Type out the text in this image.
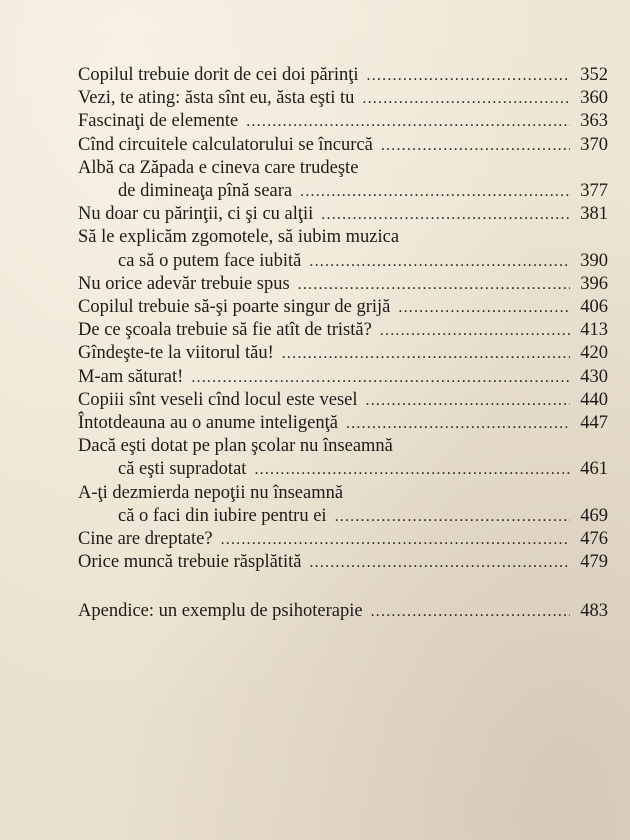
Copilul trebuie dorit de cei doi părinţi .....	352
Vezi, te ating: ăsta sînt eu, ăsta eşti tu .....	360
Fascinaţi de elemente .....	363
Cînd circuitele calculatorului se încurcă .....	370
Albă ca Zăpada e cineva care trudeşte
de dimineaţa pînă seara .....	377
Nu doar cu părinţii, ci şi cu alţii .....	381
Să le explicăm zgomotele, să iubim muzica
ca să o putem face iubită .....	390
Nu orice adevăr trebuie spus .....	396
Copilul trebuie să-şi poarte singur de grijă .....	406
De ce şcoala trebuie să fie atît de tristă? .....	413
Gîndeşte-te la viitorul tău! .....	420
M-am săturat! .....	430
Copiii sînt veseli cînd locul este vesel .....	440
Întotdeauna au o anume inteligenţă .....	447
Dacă eşti dotat pe plan şcolar nu înseamnă
că eşti supradotat .....	461
A-ţi dezmierda nepoţii nu înseamnă
că o faci din iubire pentru ei .....	469
Cine are dreptate? .....	476
Orice muncă trebuie răsplătită .....	479
Apendice: un exemplu de psihoterapie .....	483
